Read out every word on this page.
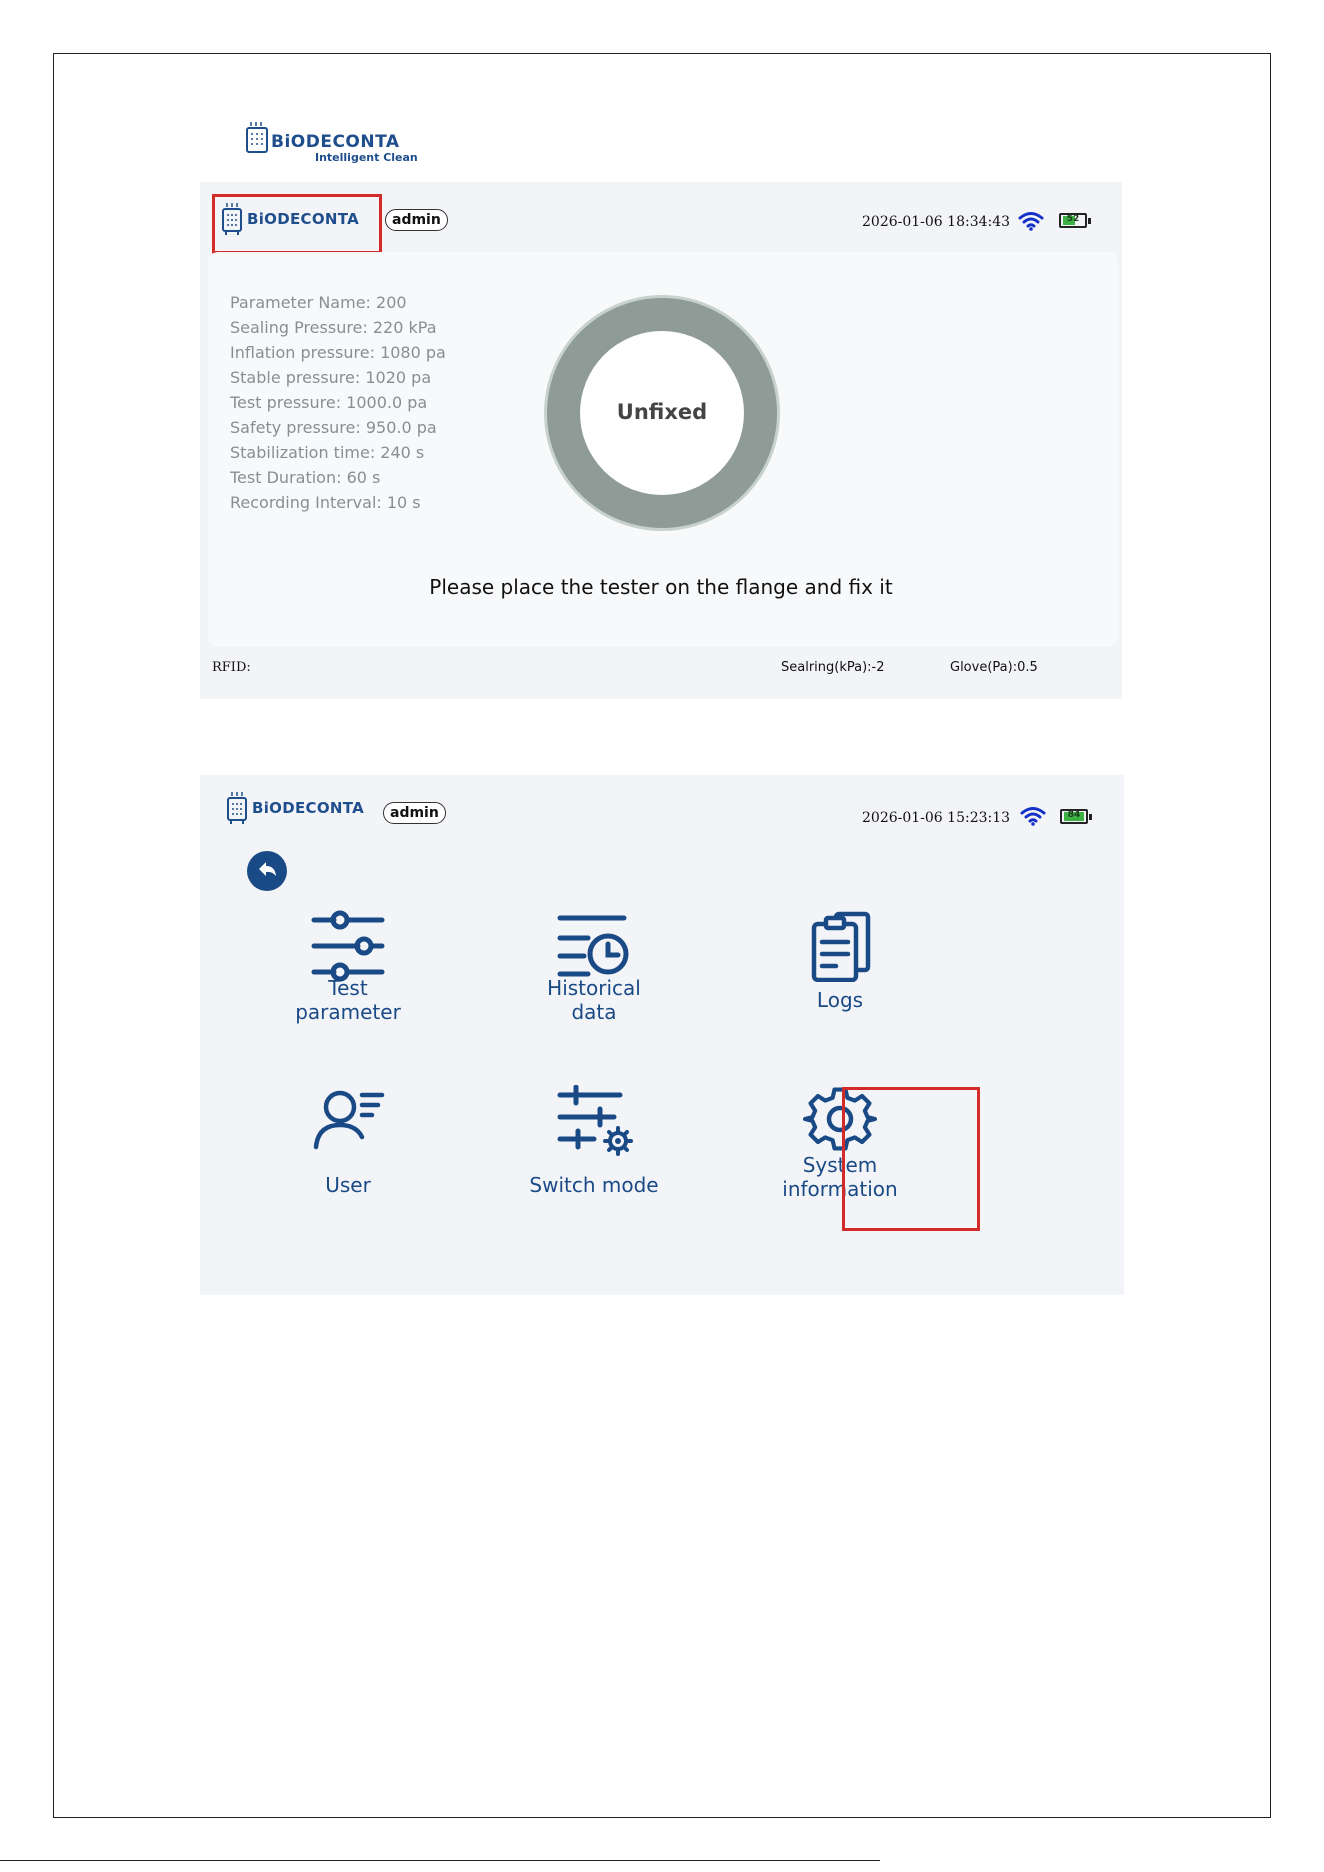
BiODECONTA
Intelligent Clean
BiODECONTA	admin	2026-01-06 18:34:43	52
Parameter Name: 200
Sealing Pressure: 220 kPa
Inflation pressure: 1080 pa
Stable pressure: 1020 pa
Test pressure: 1000.0 pa
Safety pressure: 950.0 pa
Stabilization time: 240 s
Test Duration: 60 s
Recording Interval: 10 s
Unfixed
Please place the tester on the flange and fix it
RFID:	Sealring(kPa):-2	Glove(Pa):0.5
BiODECONTA	admin	2026-01-06 15:23:13	84
Test parameter
Historical data	Logs
User	Switch mode
System information
